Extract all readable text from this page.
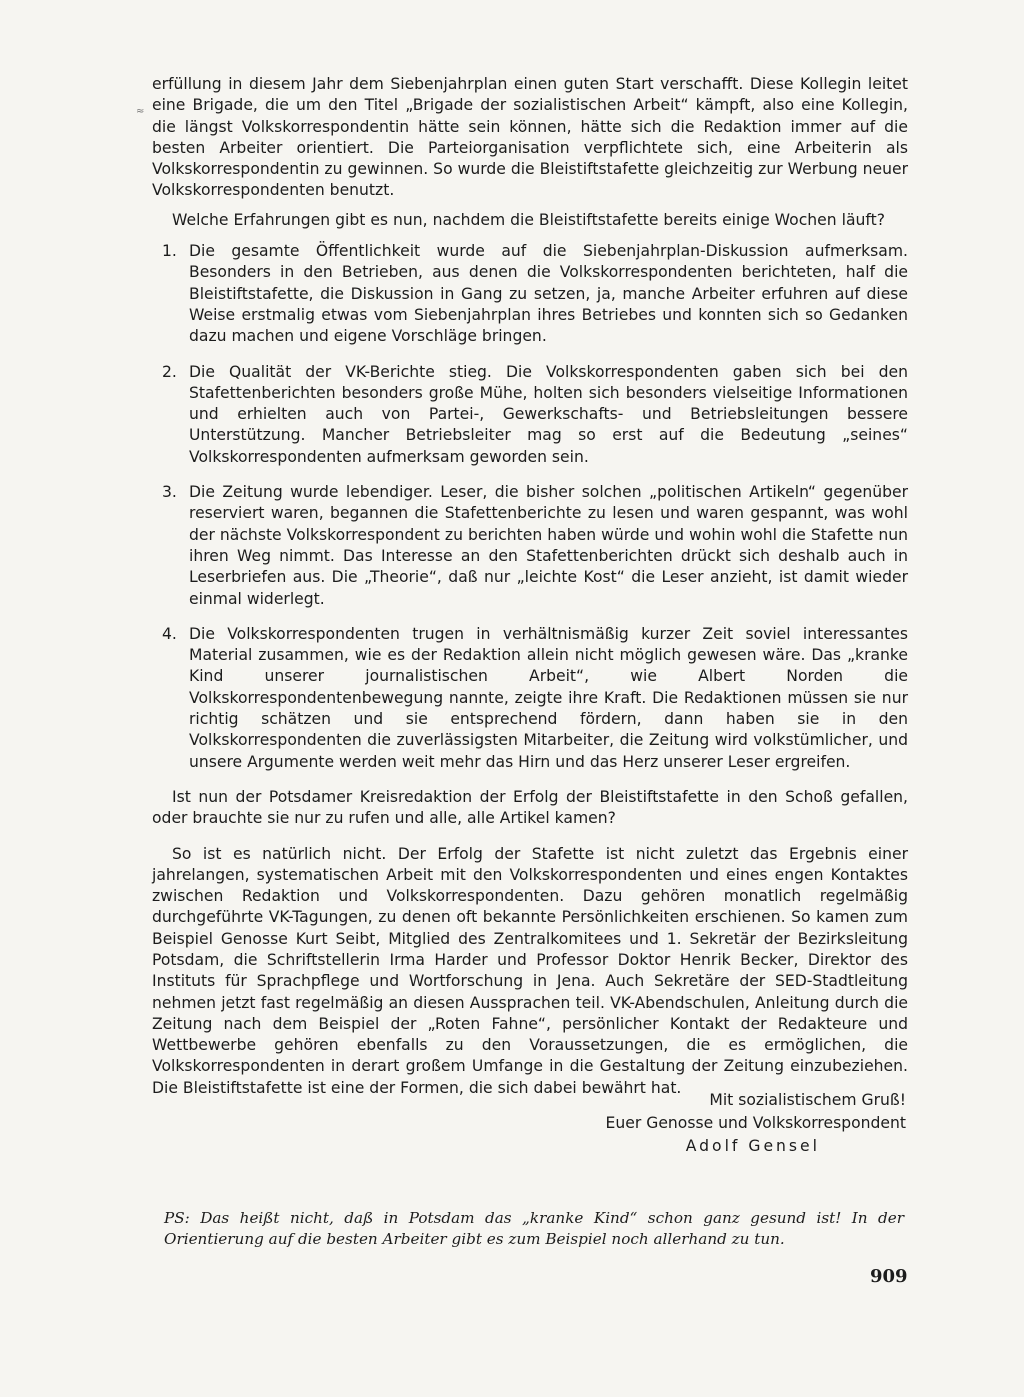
≈

erfüllung in diesem Jahr dem Siebenjahrplan einen guten Start verschafft. Diese Kollegin leitet eine Brigade, die um den Titel „Brigade der sozialistischen Arbeit“ kämpft, also eine Kollegin, die längst Volkskorrespondentin hätte sein können, hätte sich die Redaktion immer auf die besten Arbeiter orientiert. Die Parteiorganisation verpflichtete sich, eine Arbeiterin als Volkskorrespondentin zu gewinnen. So wurde die Bleistiftstafette gleichzeitig zur Werbung neuer Volkskorrespondenten benutzt.

Welche Erfahrungen gibt es nun, nachdem die Bleistiftstafette bereits einige Wochen läuft?

1. Die gesamte Öffentlichkeit wurde auf die Siebenjahrplan-Diskussion aufmerksam. Besonders in den Betrieben, aus denen die Volkskorrespondenten berichteten, half die Bleistiftstafette, die Diskussion in Gang zu setzen, ja, manche Arbeiter erfuhren auf diese Weise erstmalig etwas vom Siebenjahrplan ihres Betriebes und konnten sich so Gedanken dazu machen und eigene Vorschläge bringen.
2. Die Qualität der VK-Berichte stieg. Die Volkskorrespondenten gaben sich bei den Stafettenberichten besonders große Mühe, holten sich besonders vielseitige Informationen und erhielten auch von Partei-, Gewerkschafts- und Betriebsleitungen bessere Unterstützung. Mancher Betriebsleiter mag so erst auf die Bedeutung „seines“ Volkskorrespondenten aufmerksam geworden sein.
3. Die Zeitung wurde lebendiger. Leser, die bisher solchen „politischen Artikeln“ gegenüber reserviert waren, begannen die Stafettenberichte zu lesen und waren gespannt, was wohl der nächste Volkskorrespondent zu berichten haben würde und wohin wohl die Stafette nun ihren Weg nimmt. Das Interesse an den Stafettenberichten drückt sich deshalb auch in Leserbriefen aus. Die „Theorie“, daß nur „leichte Kost“ die Leser anzieht, ist damit wieder einmal widerlegt.
4. Die Volkskorrespondenten trugen in verhältnismäßig kurzer Zeit soviel interessantes Material zusammen, wie es der Redaktion allein nicht möglich gewesen wäre. Das „kranke Kind unserer journalistischen Arbeit“, wie Albert Norden die Volkskorrespondentenbewegung nannte, zeigte ihre Kraft. Die Redaktionen müssen sie nur richtig schätzen und sie entsprechend fördern, dann haben sie in den Volkskorrespondenten die zuverlässigsten Mitarbeiter, die Zeitung wird volkstümlicher, und unsere Argumente werden weit mehr das Hirn und das Herz unserer Leser ergreifen.

Ist nun der Potsdamer Kreisredaktion der Erfolg der Bleistiftstafette in den Schoß gefallen, oder brauchte sie nur zu rufen und alle, alle Artikel kamen?

So ist es natürlich nicht. Der Erfolg der Stafette ist nicht zuletzt das Ergebnis einer jahrelangen, systematischen Arbeit mit den Volkskorrespondenten und eines engen Kontaktes zwischen Redaktion und Volkskorrespondenten. Dazu gehören monatlich regelmäßig durchgeführte VK-Tagungen, zu denen oft bekannte Persönlichkeiten erschienen. So kamen zum Beispiel Genosse Kurt Seibt, Mitglied des Zentralkomitees und 1. Sekretär der Bezirksleitung Potsdam, die Schriftstellerin Irma Harder und Professor Doktor Henrik Becker, Direktor des Instituts für Sprachpflege und Wortforschung in Jena. Auch Sekretäre der SED-Stadtleitung nehmen jetzt fast regelmäßig an diesen Aussprachen teil. VK-Abendschulen, Anleitung durch die Zeitung nach dem Beispiel der „Roten Fahne“, persönlicher Kontakt der Redakteure und Wettbewerbe gehören ebenfalls zu den Voraussetzungen, die es ermöglichen, die Volkskorrespondenten in derart großem Umfange in die Gestaltung der Zeitung einzubeziehen. Die Bleistiftstafette ist eine der Formen, die sich dabei bewährt hat.

Mit sozialistischem Gruß!
Euer Genosse und Volkskorrespondent
Adolf Gensel
PS: Das heißt nicht, daß in Potsdam das „kranke Kind“ schon ganz gesund ist! In der Orientierung auf die besten Arbeiter gibt es zum Beispiel noch allerhand zu tun.
909
